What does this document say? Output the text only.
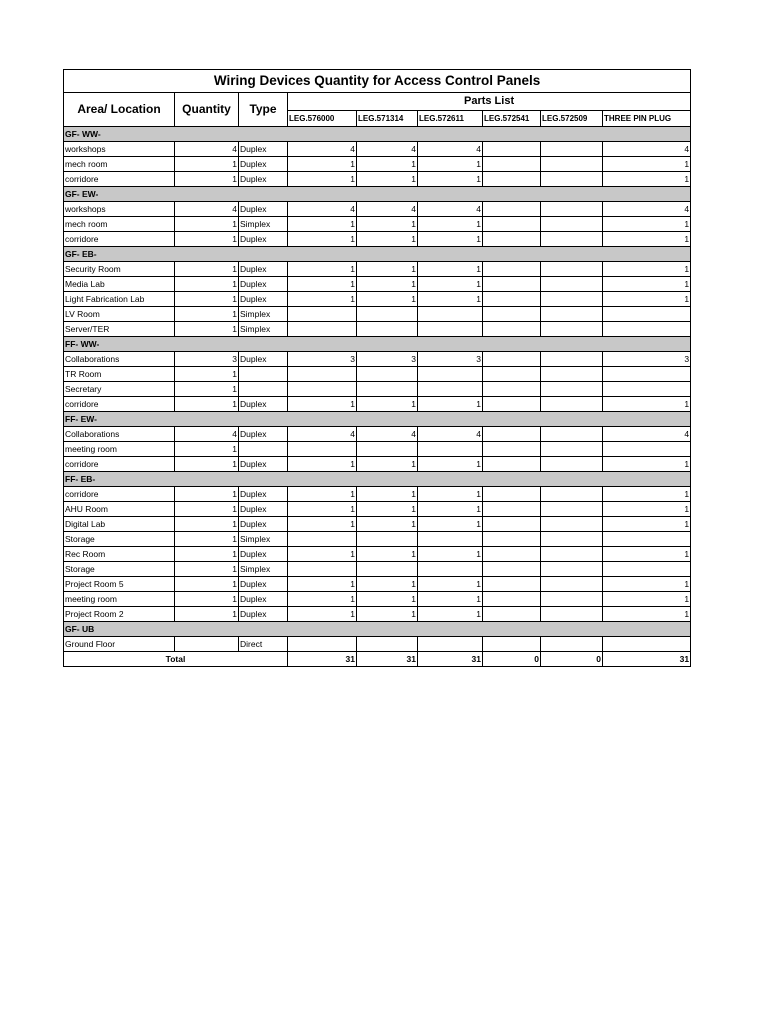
Wiring Devices Quantity for Access Control Panels								
Area/ Location	Quantity	Type	Parts List					
			LEG.576000	LEG.571314	LEG.572611	LEG.572541	LEG.572509	THREE PIN PLUG
GF- WW-								
workshops	4	Duplex	4	4	4			4
mech room	1	Duplex	1	1	1			1
corridore	1	Duplex	1	1	1			1
GF- EW-								
workshops	4	Duplex	4	4	4			4
mech room	1	Simplex	1	1	1			1
corridore	1	Duplex	1	1	1			1
GF- EB-								
Security Room	1	Duplex	1	1	1			1
Media Lab	1	Duplex	1	1	1			1
Light Fabrication Lab	1	Duplex	1	1	1			1
LV Room	1	Simplex						
Server/TER	1	Simplex						
FF- WW-								
Collaborations	3	Duplex	3	3	3			3
TR Room	1							
Secretary	1							
corridore	1	Duplex	1	1	1			1
FF- EW-								
Collaborations	4	Duplex	4	4	4			4
meeting room	1							
corridore	1	Duplex	1	1	1			1
FF- EB-								
corridore	1	Duplex	1	1	1			1
AHU Room	1	Duplex	1	1	1			1
Digital Lab	1	Duplex	1	1	1			1
Storage	1	Simplex						
Rec Room	1	Duplex	1	1	1			1
Storage	1	Simplex						
Project Room 5	1	Duplex	1	1	1			1
meeting room	1	Duplex	1	1	1			1
Project Room 2	1	Duplex	1	1	1			1
GF- UB								
Ground Floor		Direct						
Total			31	31	31	0	0	31
